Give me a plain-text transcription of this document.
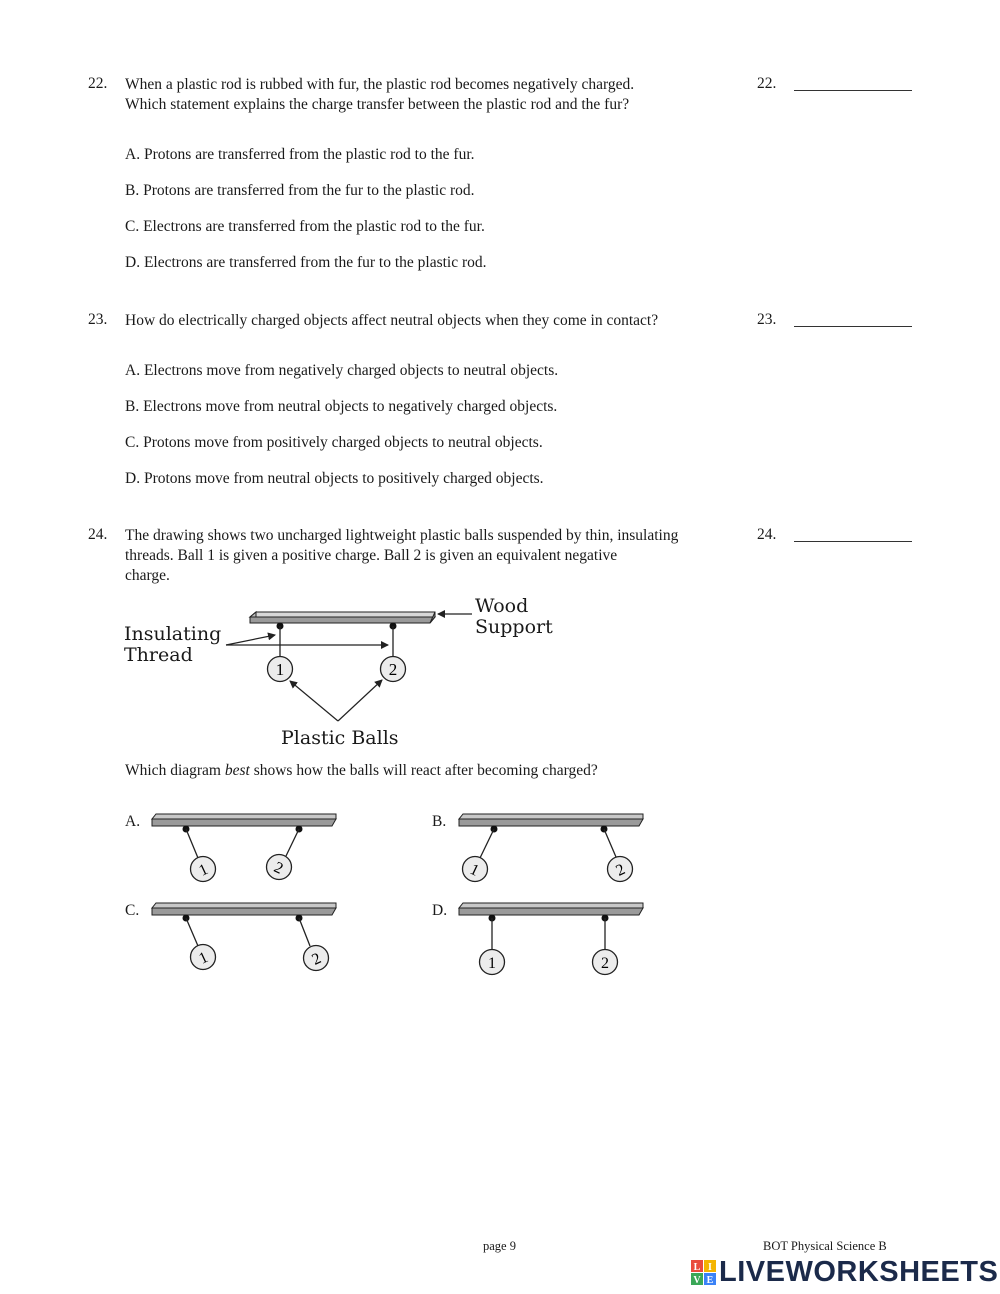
22. When a plastic rod is rubbed with fur, the plastic rod becomes negatively charged.
Which statement explains the charge transfer between the plastic rod and the fur?
22.
A. Protons are transferred from the plastic rod to the fur.
B. Protons are transferred from the fur to the plastic rod.
C. Electrons are transferred from the plastic rod to the fur.
D. Electrons are transferred from the fur to the plastic rod.
23. How do electrically charged objects affect neutral objects when they come in contact?	23.
A. Electrons move from negatively charged objects to neutral objects.
B. Electrons move from neutral objects to negatively charged objects.
C. Protons move from positively charged objects to neutral objects.
D. Protons move from neutral objects to positively charged objects.
24. The drawing shows two uncharged lightweight plastic balls suspended by thin, insulating
threads. Ball 1 is given a positive charge. Ball 2 is given an equivalent negative
charge.
24.
1	2
Wood
Support
Insulating
Thread
Plastic Balls
Which diagram best shows how the balls will react after becoming charged?
A.	B.
C.	D.
1	2	1	2
1	2	1	2
page 9	BOT Physical Science B
L I
V E LIVEWORKSHEETS
